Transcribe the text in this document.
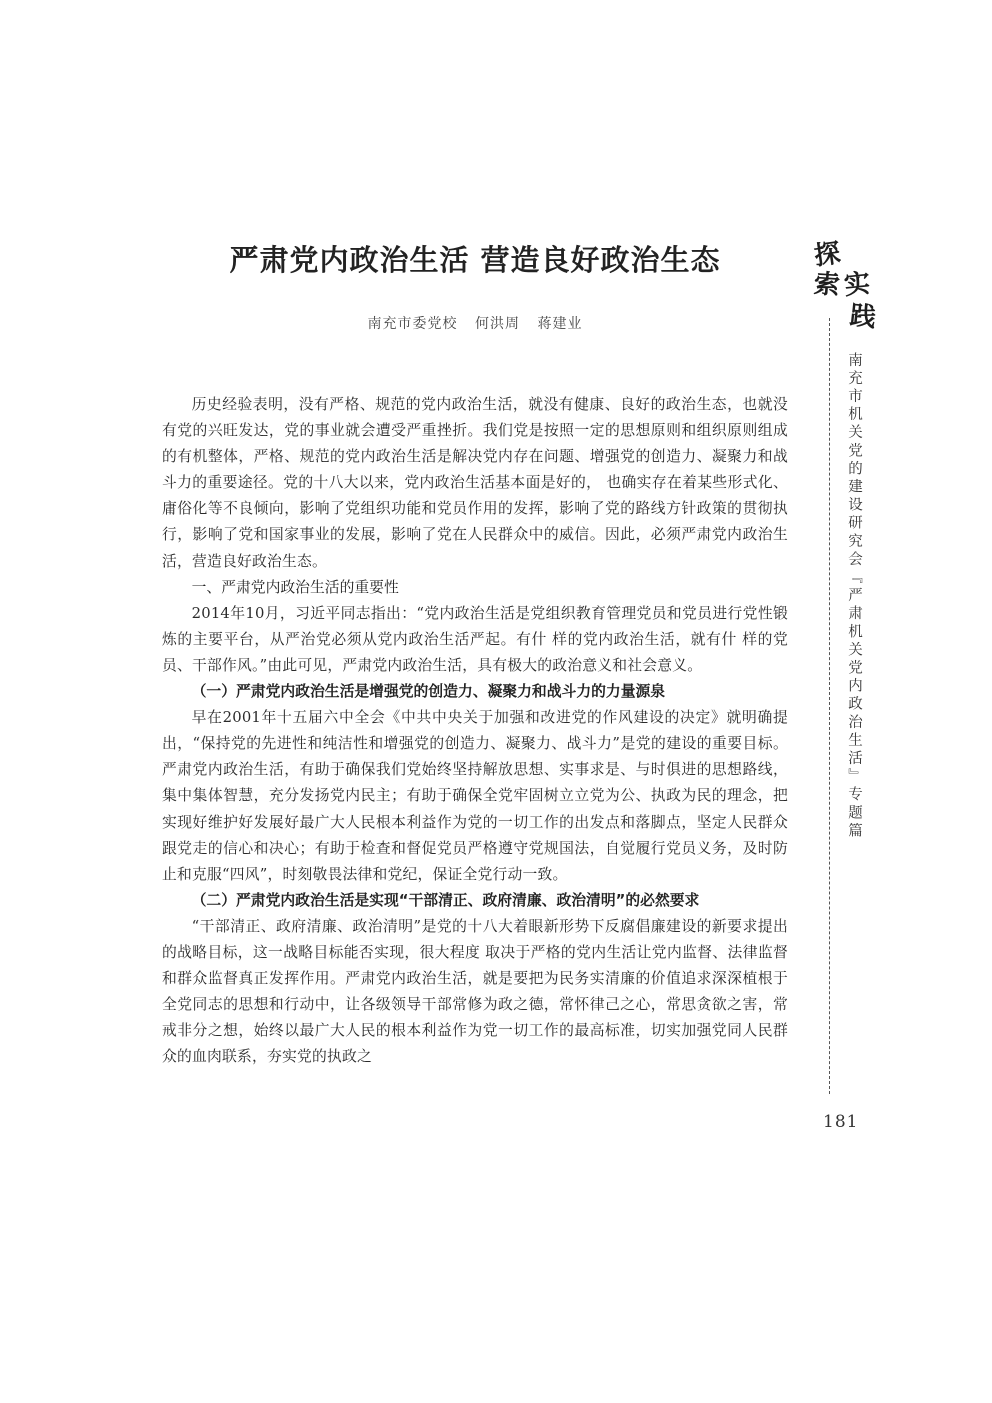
严肃党内政治生活 营造良好政治生态
南充市委党校 何洪周 蒋建业

历史经验表明，没有严格、规范的党内政治生活，就没有健康、良好的政治生态，也就没有党的兴旺发达，党的事业就会遭受严重挫折。我们党是按照一定的思想原则和组织原则组成的有机整体，严格、规范的党内政治生活是解决党内存在问题、增强党的创造力、凝聚力和战斗力的重要途径。党的十八大以来，党内政治生活基本面是好的， 也确实存在着某些形式化、庸俗化等不良倾向，影响了党组织功能和党员作用的发挥，影响了党的路线方针政策的贯彻执行，影响了党和国家事业的发展，影响了党在人民群众中的威信。因此，必须严肃党内政治生活，营造良好政治生态。

一、严肃党内政治生活的重要性

2014年10月，习近平同志指出：“党内政治生活是党组织教育管理党员和党员进行党性锻炼的主要平台，从严治党必须从党内政治生活严起。有什 样的党内政治生活，就有什 样的党员、干部作风。”由此可见，严肃党内政治生活，具有极大的政治意义和社会意义。

（一）严肃党内政治生活是增强党的创造力、凝聚力和战斗力的力量源泉

早在2001年十五届六中全会《中共中央关于加强和改进党的作风建设的决定》就明确提出，“保持党的先进性和纯洁性和增强党的创造力、凝聚力、战斗力”是党的建设的重要目标。严肃党内政治生活，有助于确保我们党始终坚持解放思想、实事求是、与时俱进的思想路线，集中集体智慧，充分发扬党内民主；有助于确保全党牢固树立立党为公、执政为民的理念，把实现好维护好发展好最广大人民根本利益作为党的一切工作的出发点和落脚点，坚定人民群众跟党走的信心和决心；有助于检查和督促党员严格遵守党规国法，自觉履行党员义务，及时防止和克服“四风”，时刻敬畏法律和党纪，保证全党行动一致。

（二）严肃党内政治生活是实现“干部清正、政府清廉、政治清明”的必然要求

“干部清正、政府清廉、政治清明”是党的十八大着眼新形势下反腐倡廉建设的新要求提出的战略目标，这一战略目标能否实现，很大程度 取决于严格的党内生活让党内监督、法律监督和群众监督真正发挥作用。严肃党内政治生活，就是要把为民务实清廉的价值追求深深植根于全党同志的思想和行动中，让各级领导干部常修为政之德，常怀律己之心，常思贪欲之害，常戒非分之想，始终以最广大人民的根本利益作为党一切工作的最高标准，切实加强党同人民群众的血肉联系，夯实党的执政之

探
索 实
践
南充市机关党的建设研究会『严肃机关党内政治生活』专题篇
181
